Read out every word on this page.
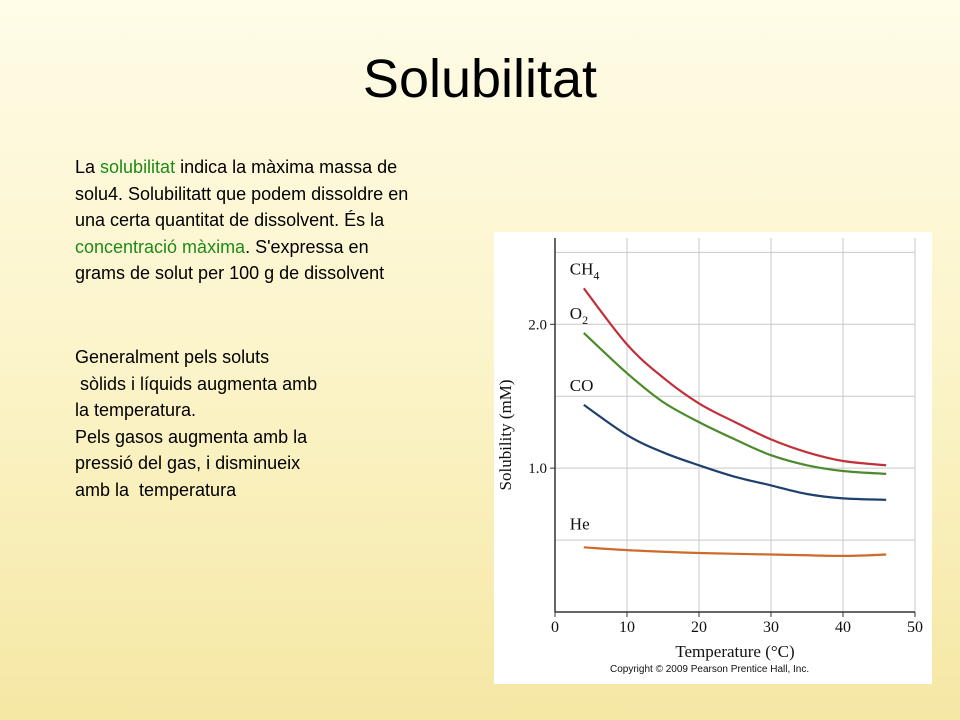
Solubilitat

La solubilitat indica la màxima massa de
solu4. Solubilitatt que podem dissoldre en
una certa quantitat de dissolvent. És la
concentració màxima. S'expressa en
grams de solut per 100 g de dissolvent

Generalment pels soluts
sòlids i líquids augmenta amb
la temperatura.
Pels gasos augmenta amb la
pressió del gas, i disminueix
amb la  temperatura

0	10	20	30	40	50
1.0
2.0
$CH_4$
$O_2$
CO
He
Temperature (°C)
Solubility (mM)
Copyright © 2009 Pearson Prentice Hall, Inc.
